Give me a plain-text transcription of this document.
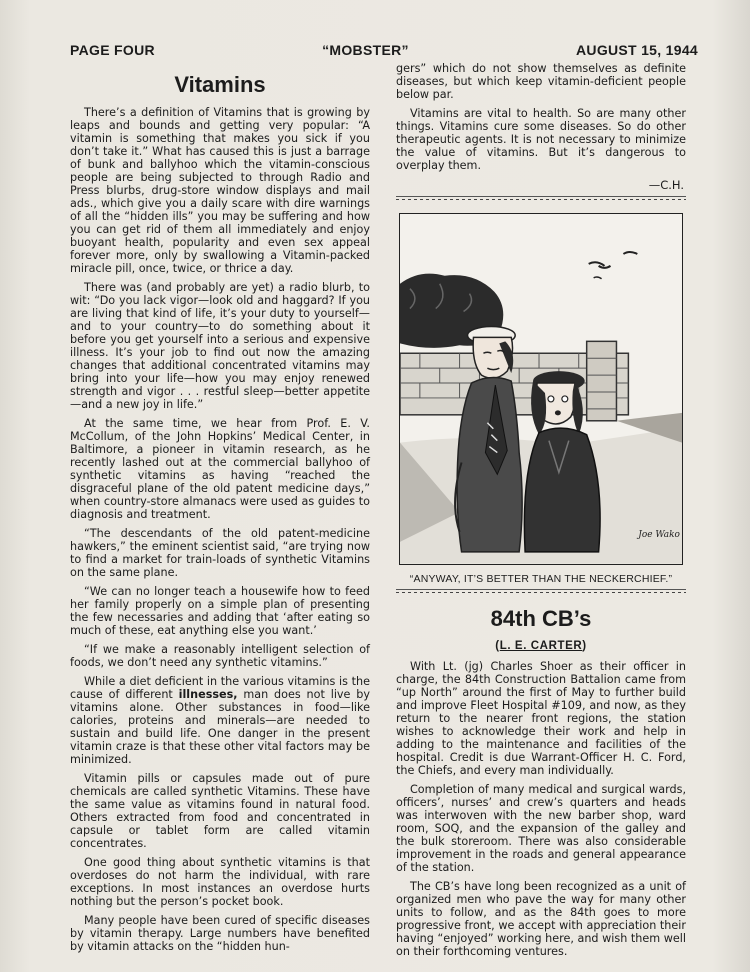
PAGE FOUR	“MOBSTER”	AUGUST 15, 1944
Vitamins

There’s a definition of Vitamins that is growing by leaps and bounds and getting very popular: “A vitamin is something that makes you sick if you don’t take it.” What has caused this is just a barrage of bunk and ballyhoo which the vitamin-conscious people are being subjected to through Radio and Press blurbs, drug-store window displays and mail ads., which give you a daily scare with dire warnings of all the “hidden ills” you may be suffering and how you can get rid of them all immediately and enjoy buoyant health, popularity and even sex appeal forever more, only by swallowing a Vitamin-packed miracle pill, once, twice, or thrice a day.

There was (and probably are yet) a radio blurb, to wit: “Do you lack vigor—look old and haggard? If you are living that kind of life, it’s your duty to yourself—and to your country—to do something about it before you get yourself into a serious and expensive illness. It’s your job to find out now the amazing changes that additional concentrated vitamins may bring into your life—how you may enjoy renewed strength and vigor . . . restful sleep—better appetite—and a new joy in life.”

At the same time, we hear from Prof. E. V. McCollum, of the John Hopkins’ Medical Center, in Baltimore, a pioneer in vitamin research, as he recently lashed out at the commercial ballyhoo of synthetic vitamins as having “reached the disgraceful plane of the old patent medicine days,” when country-store almanacs were used as guides to diagnosis and treatment.

“The descendants of the old patent-medicine hawkers,” the eminent scientist said, “are trying now to find a market for train-loads of synthetic Vitamins on the same plane.

“We can no longer teach a housewife how to feed her family properly on a simple plan of presenting the few necessaries and adding that ‘after eating so much of these, eat anything else you want.’

“If we make a reasonably intelligent selection of foods, we don’t need any synthetic vitamins.”

While a diet deficient in the various vitamins is the cause of different illnesses, man does not live by vitamins alone. Other substances in food—like calories, proteins and minerals—are needed to sustain and build life. One danger in the present vitamin craze is that these other vital factors may be minimized.

Vitamin pills or capsules made out of pure chemicals are called synthetic Vitamins. These have the same value as vitamins found in natural food. Others extracted from food and concentrated in capsule or tablet form are called vitamin concentrates.

One good thing about synthetic vitamins is that overdoses do not harm the individual, with rare exceptions. In most instances an overdose hurts nothing but the person’s pocket book.

Many people have been cured of specific diseases by vitamin therapy. Large numbers have benefited by vitamin attacks on the “hidden hun-

gers” which do not show themselves as definite diseases, but which keep vitamin-deficient people below par.

Vitamins are vital to health. So are many other things. Vitamins cure some diseases. So do other therapeutic agents. It is not necessary to minimize the value of vitamins. But it’s dangerous to overplay them.

—C.H.
Joe Wako
“ANYWAY, IT’S BETTER THAN THE NECKERCHIEF.”
84th CB’s
(L. E. CARTER)

With Lt. (jg) Charles Shoer as their officer in charge, the 84th Construction Battalion came from “up North” around the first of May to further build and improve Fleet Hospital #109, and now, as they return to the nearer front regions, the station wishes to acknowledge their work and help in adding to the maintenance and facilities of the hospital. Credit is due Warrant-Officer H. C. Ford, the Chiefs, and every man individually.

Completion of many medical and surgical wards, officers’, nurses’ and crew’s quarters and heads was interwoven with the new barber shop, ward room, SOQ, and the expansion of the galley and the bulk storeroom. There was also considerable improvement in the roads and general appearance of the station.

The CB’s have long been recognized as a unit of organized men who pave the way for many other units to follow, and as the 84th goes to more progressive front, we accept with appreciation their having “enjoyed” working here, and wish them well on their forthcoming ventures.
